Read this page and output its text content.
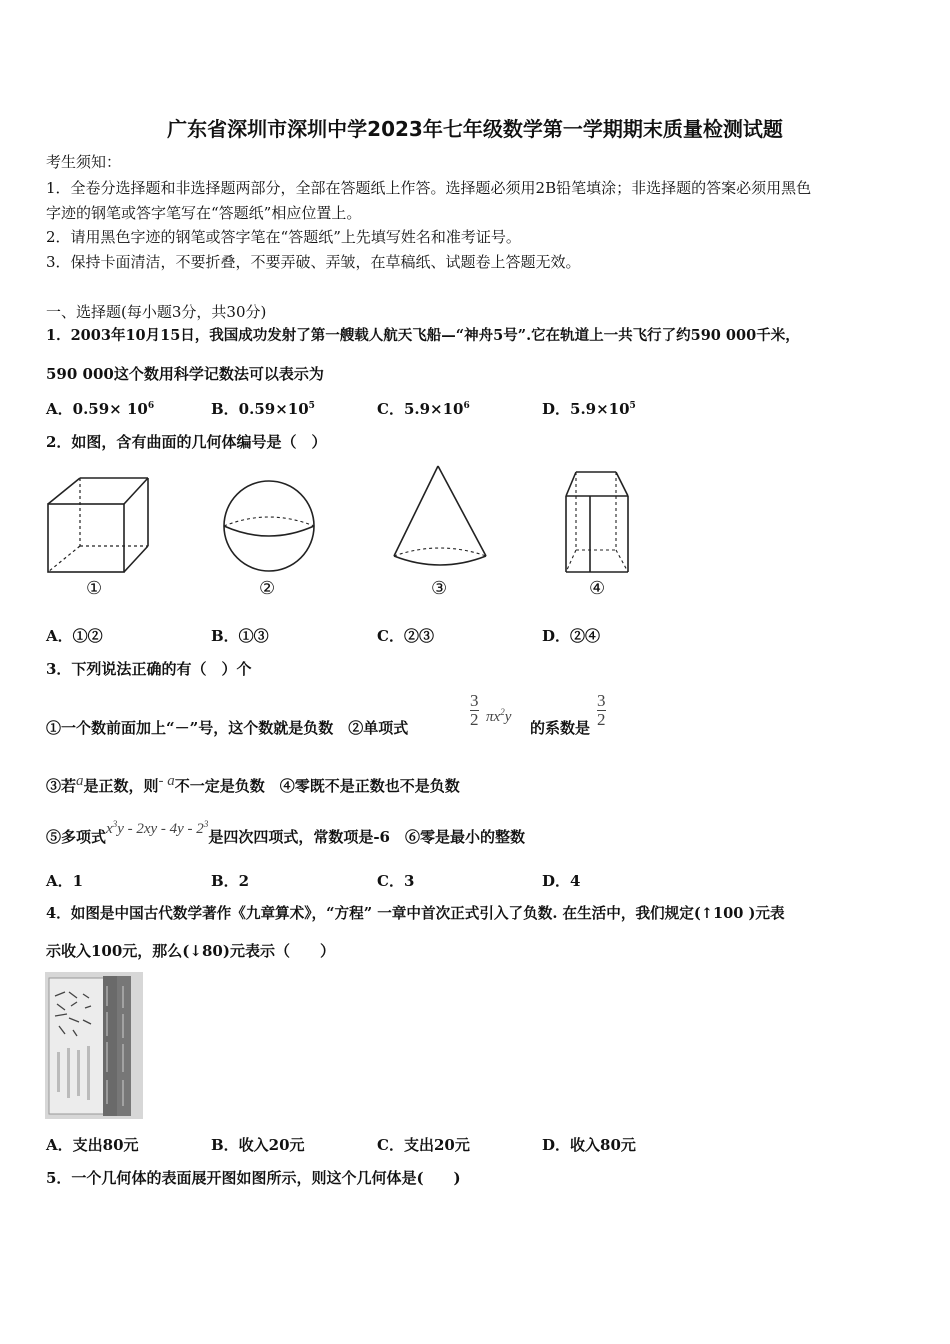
广东省深圳市深圳中学2023年七年级数学第一学期期末质量检测试题
考生须知：
1．全卷分选择题和非选择题两部分，全部在答题纸上作答。选择题必须用2B铅笔填涂；非选择题的答案必须用黑色
字迹的钢笔或答字笔写在“答题纸”相应位置上。
2．请用黑色字迹的钢笔或答字笔在“答题纸”上先填写姓名和准考证号。
3．保持卡面清洁，不要折叠，不要弄破、弄皱，在草稿纸、试题卷上答题无效。
一、选择题(每小题3分，共30分)
1．2003年10月15日，我国成功发射了第一艘载人航天飞船—“神舟5号”.它在轨道上一共飞行了约590 000千米，
590 000这个数用科学记数法可以表示为
A．$0.59\times 10^6$	B．$0.59\times 10^5$	C．$5.9\times 10^6$	D．$5.9\times 10^5$
2．如图，含有曲面的几何体编号是（　）
①	②	③	④
A．①②	B．①③	C．②③	D．②④
3．下列说法正确的有（　）个
①一个数前面加上“－”号，这个数就是负数　②单项式	$\frac{3}{2} \pi x^2y$
的系数是 $\frac{3}{2}$
③若a是正数，则- a不一定是负数　④零既不是正数也不是负数
⑤多项式$x^3y - 2xy - 4y - 2^3$是四次四项式，常数项是-6　⑥零是最小的整数
A．1	B．2	C．3	D．4
4．如图是中国古代数学著作《九章算术》，“方程” 一章中首次正式引入了负数. 在生活中，我们规定(↑100 )元表
示收入100元，那么(↓80)元表示（　　）
A．支出80元	B．收入20元	C．支出20元	D．收入80元
5．一个几何体的表面展开图如图所示，则这个几何体是(　　)
